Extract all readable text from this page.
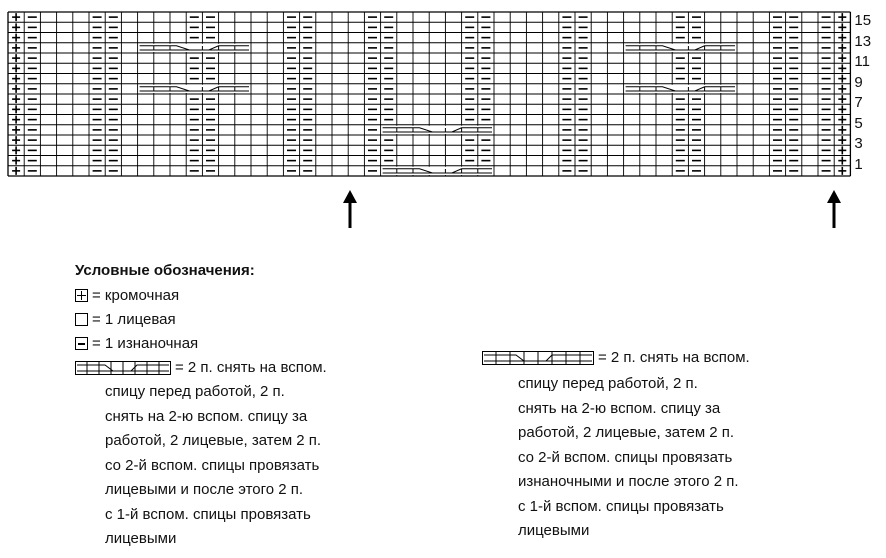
15
13
11
9
7
5
3
1
Условные обозначения:
= кромочная
= 1 лицевая
= 1 изнаночная
= 2 п. снять на вспом.
спицу перед работой, 2 п.
снять на 2-ю вспом. спицу за
работой, 2 лицевые, затем 2 п.
со 2-й вспом. спицы провязать
лицевыми и после этого 2 п.
с 1-й вспом. спицы провязать
лицевыми
= 2 п. снять на вспом.
спицу перед работой, 2 п.
снять на 2-ю вспом. спицу за
работой, 2 лицевые, затем 2 п.
со 2-й вспом. спицы провязать
изнаночными и после этого 2 п.
с 1-й вспом. спицы провязать
лицевыми
